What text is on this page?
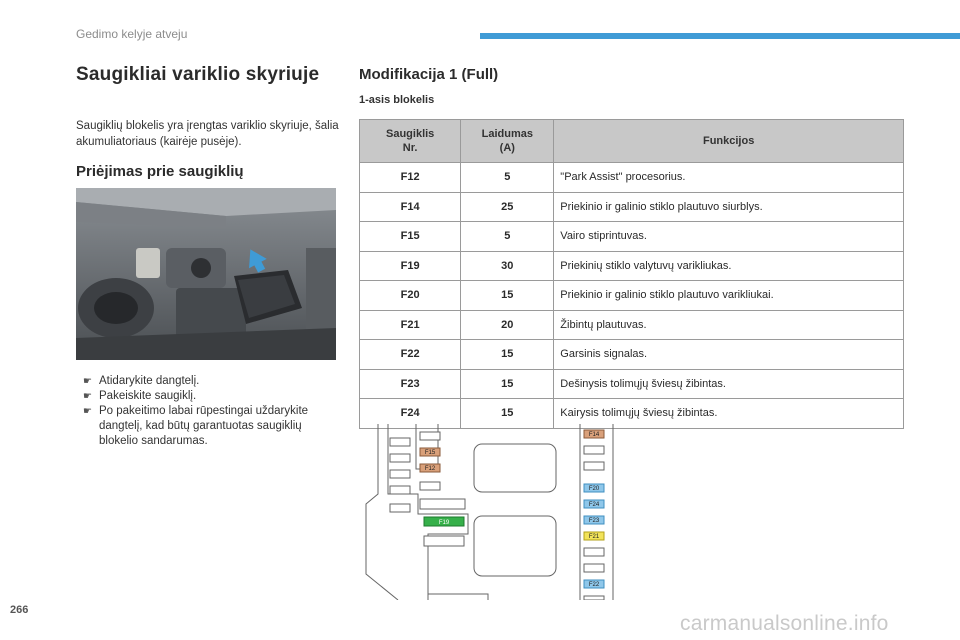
Gedimo kelyje atveju
Saugikliai variklio skyriuje
Saugiklių blokelis yra įrengtas variklio skyriuje, šalia akumuliatoriaus (kairėje pusėje).
Priėjimas prie saugiklių
☛ Atidarykite dangtelį.
☛ Pakeiskite saugiklį.
☛ Po pakeitimo labai rūpestingai uždarykite dangtelį, kad būtų garantuotas saugiklių blokelio sandarumas.
Modifikacija 1 (Full)
1-asis blokelis
Saugiklis Nr.	Laidumas (A)	Funkcijos
F12	5	"Park Assist" procesorius.
F14	25	Priekinio ir galinio stiklo plautuvo siurblys.
F15	5	Vairo stiprintuvas.
F19	30	Priekinių stiklo valytuvų varikliukas.
F20	15	Priekinio ir galinio stiklo plautuvo varikliukai.
F21	20	Žibintų plautuvas.
F22	15	Garsinis signalas.
F23	15	Dešinysis tolimųjų šviesų žibintas.
F24	15	Kairysis tolimųjų šviesų žibintas.
F14
F15
F12
F19
F20
F24
F23
F21
F22
266
carmanualsonline.info
